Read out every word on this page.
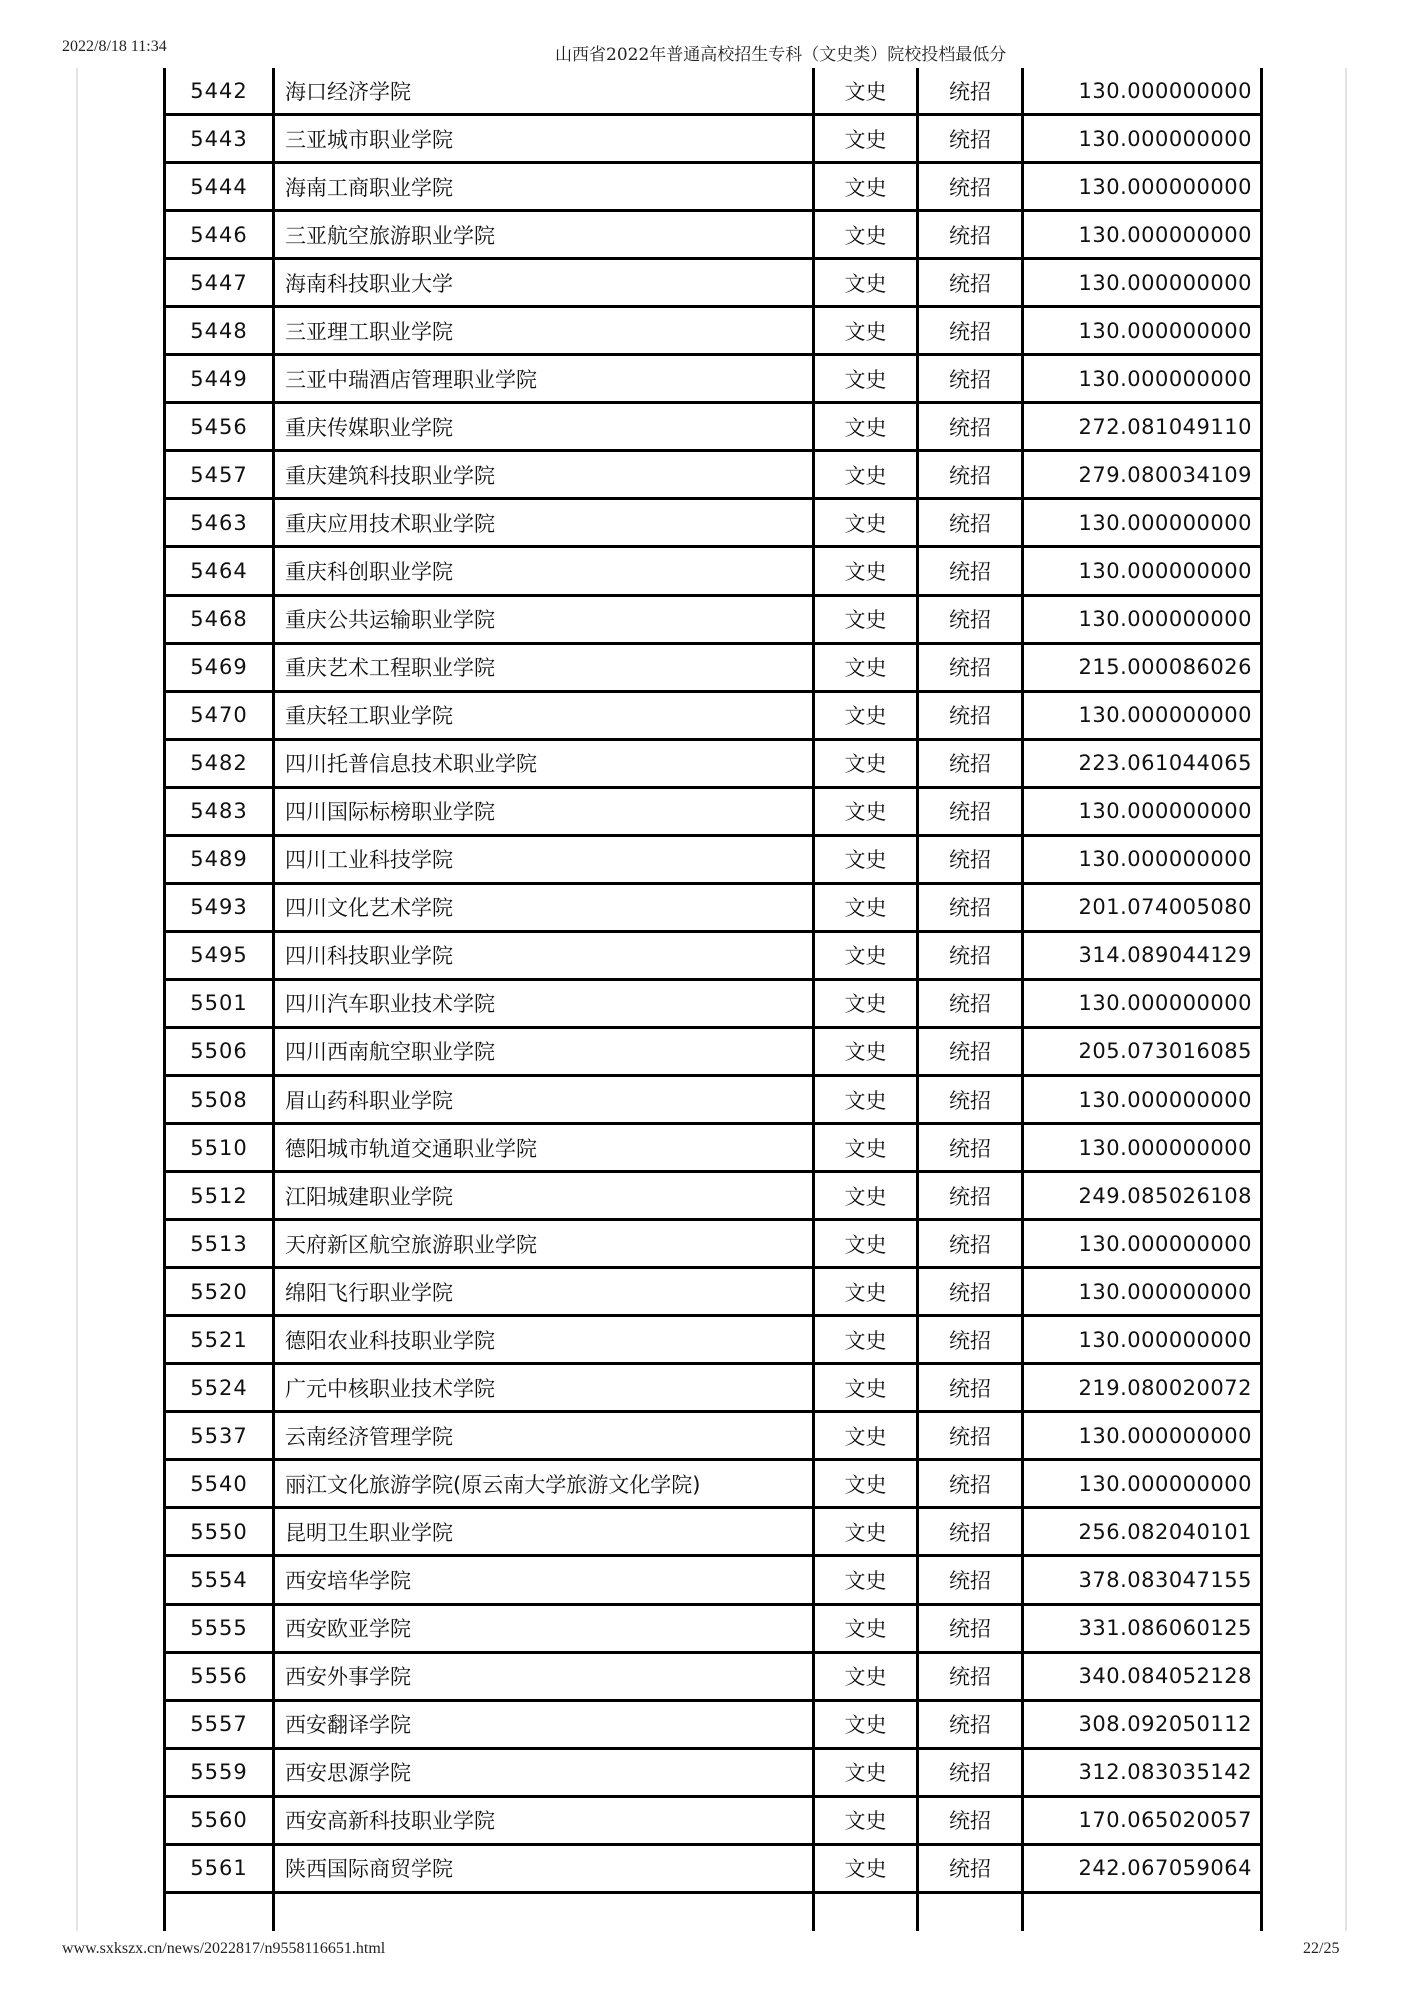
2022/8/18 11:34	山西省2022年普通高校招生专科（文史类）院校投档最低分
5442	海口经济学院	文史	统招	130.000000000
5443	三亚城市职业学院	文史	统招	130.000000000
5444	海南工商职业学院	文史	统招	130.000000000
5446	三亚航空旅游职业学院	文史	统招	130.000000000
5447	海南科技职业大学	文史	统招	130.000000000
5448	三亚理工职业学院	文史	统招	130.000000000
5449	三亚中瑞酒店管理职业学院	文史	统招	130.000000000
5456	重庆传媒职业学院	文史	统招	272.081049110
5457	重庆建筑科技职业学院	文史	统招	279.080034109
5463	重庆应用技术职业学院	文史	统招	130.000000000
5464	重庆科创职业学院	文史	统招	130.000000000
5468	重庆公共运输职业学院	文史	统招	130.000000000
5469	重庆艺术工程职业学院	文史	统招	215.000086026
5470	重庆轻工职业学院	文史	统招	130.000000000
5482	四川托普信息技术职业学院	文史	统招	223.061044065
5483	四川国际标榜职业学院	文史	统招	130.000000000
5489	四川工业科技学院	文史	统招	130.000000000
5493	四川文化艺术学院	文史	统招	201.074005080
5495	四川科技职业学院	文史	统招	314.089044129
5501	四川汽车职业技术学院	文史	统招	130.000000000
5506	四川西南航空职业学院	文史	统招	205.073016085
5508	眉山药科职业学院	文史	统招	130.000000000
5510	德阳城市轨道交通职业学院	文史	统招	130.000000000
5512	江阳城建职业学院	文史	统招	249.085026108
5513	天府新区航空旅游职业学院	文史	统招	130.000000000
5520	绵阳飞行职业学院	文史	统招	130.000000000
5521	德阳农业科技职业学院	文史	统招	130.000000000
5524	广元中核职业技术学院	文史	统招	219.080020072
5537	云南经济管理学院	文史	统招	130.000000000
5540	丽江文化旅游学院(原云南大学旅游文化学院)	文史	统招	130.000000000
5550	昆明卫生职业学院	文史	统招	256.082040101
5554	西安培华学院	文史	统招	378.083047155
5555	西安欧亚学院	文史	统招	331.086060125
5556	西安外事学院	文史	统招	340.084052128
5557	西安翻译学院	文史	统招	308.092050112
5559	西安思源学院	文史	统招	312.083035142
5560	西安高新科技职业学院	文史	统招	170.065020057
5561	陕西国际商贸学院	文史	统招	242.067059064
www.sxkszx.cn/news/2022817/n9558116651.html	22/25
